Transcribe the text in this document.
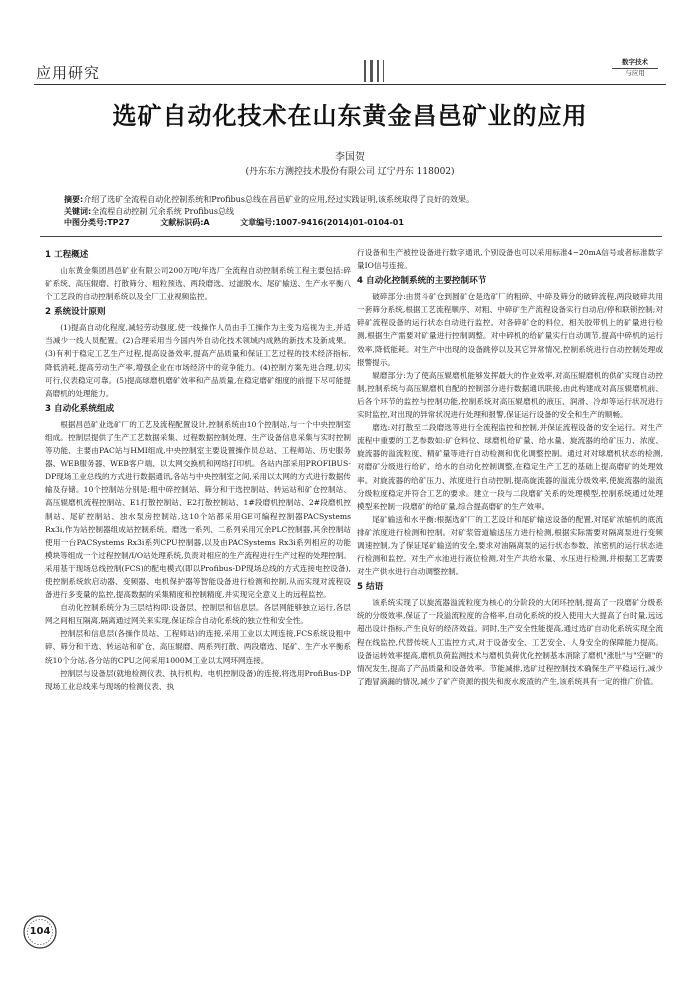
应用研究
数字技术
与应用
选矿自动化技术在山东黄金昌邑矿业的应用
李国贺
(丹东东方测控技术股份有限公司 辽宁丹东 118002)
摘要:介绍了选矿全流程自动化控制系统和Profibus总线在昌邑矿业的应用,经过实践证明,该系统取得了良好的效果。
关键词:全流程自动控制 冗余系统 Profibus总线
中图分类号:TP27	文献标识码:A	文章编号:1007-9416(2014)01-0104-01
1 工程概述

山东黄金集团昌邑矿业有限公司200万吨/年选厂全流程自动控制系统工程主要包括:碎矿系统、高压辊磨、打散筛分、粗粒预选、两段磨选、过滤脱水、尾矿输送、生产水平衡八个工艺段的自动控制系统以及全厂工业视频监控。

2 系统设计原则

(1)提高自动化程度,减轻劳动强度,使一线操作人员由手工操作为主变为巡视为主,并适当减少一线人员配置。(2)合理采用当今国内外自动化技术领域内成熟的新技术及新成果。(3)有利于稳定工艺生产过程,提高设备效率,提高产品质量和保证工艺过程的技术经济指标,降低消耗,提高劳动生产率,增强企业在市场经济中的竞争能力。(4)控制方案先进合理,切实可行,仪表稳定可靠。(5)提高球磨机磨矿效率和产品质量,在稳定磨矿细度的前提下尽可能提高磨机的处理能力。

3 自动化系统组成

根据昌邑矿业选矿厂的工艺及流程配置设计,控制系统由10个控制站,与一个中央控制室组成。控制层提供了生产工艺数据采集、过程数据控制处理、生产设备信息采集与实时控制等功能、主要由PAC站与HMI组成,中央控制室主要设置操作员总站、工程师站、历史服务器、WEB服务器、WEB客户端、以太网交换机和网络打印机。各站内部采用PROFIBUS-DP现场工业总线的方式进行数据通讯,各站与中央控制室之间,采用以太网的方式进行数据传输及存储。10个控制站分别是:粗中碎控制站、筛分和干选控制站、转运站和矿仓控制站、高压辊磨机流程控制站、E1打散控制站、E2打散控制站、1#段磨机控制站、2#段磨机控制站、尾矿控制站、浊水泵房控制站,这10个站都采用GE可编程控制器PACSystems Rx3i,作为站控制器组成站控制系统。磨选一系列、二系列采用冗余PLC控制器,其余控制站使用一台PACSystems Rx3i系列CPU控制器,以及由PACSystems Rx3i系列相应的功能模块等组成一个过程控制/I/O站处理系统,负责对相应的生产流程进行生产过程的处理控制。采用基于现场总线控制(FCS)的配电模式(即以Profibus-DP现场总线的方式连接电控设备),使控制系统软启动器、变频器、电机保护器等智能设备进行检测和控制,从而实现对流程设备进行多变量的监控,提高数据的采集精度和控制精度,并实现完全意义上的远程监控。

自动化控制系统分为三层结构即:设备层、控制层和信息层。各层网能够独立运行,各层网之间相互隔离,隔离通过网关来实现,保证综合自动化系统的独立性和安全性。

控制层和信息层(各操作员站、工程师站)的连接,采用工业以太网连接,FCS系统设粗中碎、筛分和干选、转运站和矿仓、高压辊磨、两系列打散、两段磨选、尾矿、生产水平衡系统10个分站,各分站的CPU之间采用1000M工业以太网环网连接。

控制层与设备层(就地检测仪表、执行机构、电机控制设备)的连接,将选用ProfiBus-DP现场工业总线来与现场的检测仪表、执

行设备和生产被控设备进行数字通讯,个别设备也可以采用标准4~20mA信号或者标准数字量IO信号连接。

4 自动化控制系统的主要控制环节

破碎部分:由贯斗矿仓到圆矿仓是选矿厂的粗碎、中碎及筛分的破碎流程,两段破碎共用一套筛分系统,根据工艺流程顺序、对粗、中碎矿生产流程设备实行自动启/停和联锁控制;对碎矿流程设备的运行状态自动进行监控。对各碎矿仓的料位、相关胶带机上的矿量进行检测,根据生产需要对矿量进行控制调整。对中碎机的给矿量实行自动调节,提高中碎机的运行效率,降低能耗。对生产中出现的设备跳停以及其它异常情况,控制系统进行自动控制处理或报警提示。

辊磨部分:为了使高压辊磨机能够发挥最大的作业效率,对高压辊磨机的供矿实现自动控制,控制系统与高压辊磨机自配的控制部分进行数据通讯联接,由此构建成对高压辊磨机前、后各个环节的监控与控制功能,控制系统对高压辊磨机的液压、润滑、冷却等运行状况进行实时监控,对出现的异常状况进行处理和报警,保证运行设备的安全和生产的顺畅。

磨选:对打散至二段磨选等进行全流程监控和控制,并保证流程设备的安全运行。对生产流程中重要的工艺参数如:矿仓料位、球磨机给矿量、给水量、旋流器的给矿压力、浓度、旋流器的溢流粒度、精矿量等进行自动检测和优化调整控制。通过对对球磨机状态的检测,对磨矿分级进行给矿、给水的自动化控制调整,在稳定生产工艺的基础上提高磨矿的处理效率。对旋流器的给矿压力、浓度进行自动控制,提高旋流器的溢流分级效率,使旋流器的溢流分级粒度稳定并符合工艺的要求。建立一段与二段磨矿关系的处理模型,控制系统通过处理模型来控制一段磨矿的给矿量,综合提高磨矿的生产效率。

尾矿输送和水平衡:根据选矿厂的工艺设计和尾矿输送设备的配置,对尾矿浓缩机的底流排矿浓度进行检测和控制。对矿浆管道输送压力进行检测,根据实际需要对隔离泵进行变频调速控制,为了保证尾矿输送的安全,要求对油隔离泵的运行状态参数、浓密机的运行状态进行检测和监控。对生产水池进行液位检测,对生产共给水量、水压进行检测,并根据工艺需要对生产供水进行自动调整控制。

5 结语

该系统实现了以旋流器溢流粒度为核心的分阶段的大闭环控制,提高了一段磨矿分级系统的分级效率,保证了一段溢流粒度的合格率,自动化系统的投入使用大大提高了台时量,远远超出设计指标,产生良好的经济效益。同时,生产安全性能提高,通过选矿自动化系统实现全流程在线监控,代替传统人工监控方式,对于设备安全、工艺安全、人身安全的保障能力提高。设备运转效率提高,磨机负荷监测技术与磨机负荷优化控制基本消除了磨机"涨肚"与"空砸"的情况发生,提高了产品质量和设备效率。节能减排,选矿过程控制技术确保生产平稳运行,减少了跑冒滴漏的情况,减少了矿产资源的损失和废水废渣的产生,该系统具有一定的推广价值。

104
